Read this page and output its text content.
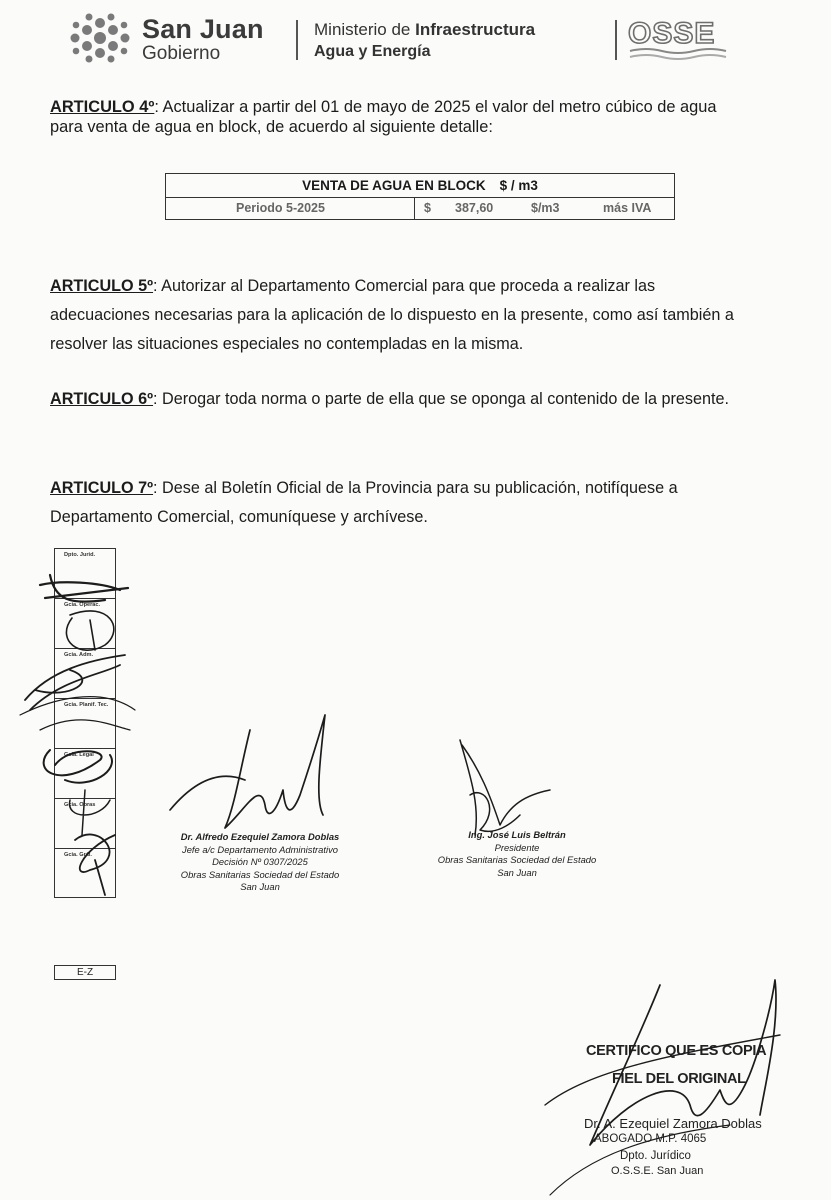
San Juan
Gobierno
Ministerio de Infraestructura
Agua y Energía
OSSE
ARTICULO 4º: Actualizar a partir del 01 de mayo de 2025 el valor del metro cúbico de agua para venta de agua en block, de acuerdo al siguiente detalle:
VENTA DE AGUA EN BLOCK $ / m3
Periodo 5-2025	$ 387,60	$/m3	más IVA
ARTICULO 5º: Autorizar al Departamento Comercial para que proceda a realizar las adecuaciones necesarias para la aplicación de lo dispuesto en la presente, como así también a resolver las situaciones especiales no contempladas en la misma.
ARTICULO 6º: Derogar toda norma o parte de ella que se oponga al contenido de la presente.
ARTICULO 7º: Dese al Boletín Oficial de la Provincia para su publicación, notifíquese a Departamento Comercial, comuníquese y archívese.
Dpto. Jurid.
Gcia. Operac.
Gcia. Adm.
Gcia. Planif. Tec.
Gcia. Legal
Gcia. Obras
Gcia. Grál.
Dr. Alfredo Ezequiel Zamora Doblas
Jefe a/c Departamento Administrativo
Decisión Nº 0307/2025
Obras Sanitarias Sociedad del Estado
San Juan
Ing. José Luis Beltrán
Presidente
Obras Sanitarias Sociedad del Estado
San Juan
E-Z
CERTIFICO QUE ES COPIA
FIEL DEL ORIGINAL
Dr. A. Ezequiel Zamora Doblas
ABOGADO M.P. 4065
Dpto. Jurídico
O.S.S.E. San Juan
